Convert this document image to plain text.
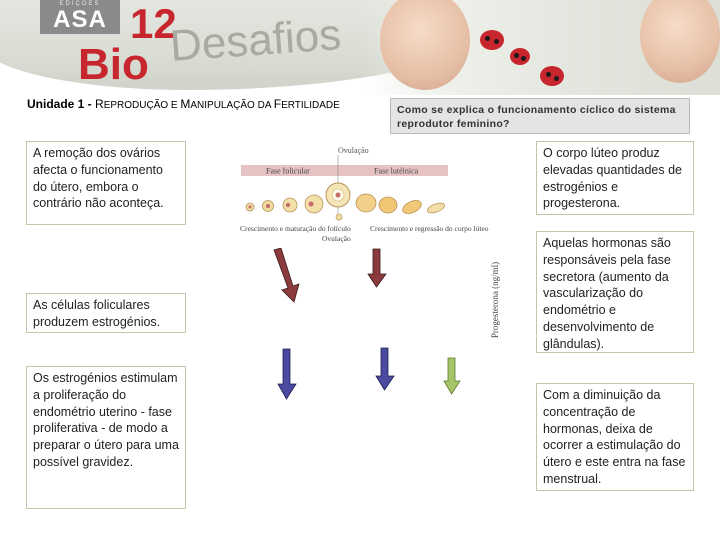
EDIÇÕES
ASA 12
Bio Desafios
Unidade 1 - REPRODUÇÃO E MANIPULAÇÃO DA FERTILIDADE	Como se explica o funcionamento cíclico do sistema reprodutor feminino?
A remoção dos ovários afecta o funcionamento do útero, embora o contrário não aconteça.
As células foliculares produzem estrogénios.
Os estrogénios estimulam a proliferação do endométrio uterino - fase proliferativa - de modo a preparar o útero para uma possível gravidez.
O corpo lúteo produz elevadas quantidades de estrogénios e progesterona.
Aquelas hormonas são responsáveis pela fase secretora (aumento da vascularização do endométrio e desenvolvimento de glândulas).
Com a diminuição da concentração de hormonas, deixa de ocorrer a estimulação do útero e este entra na fase menstrual.
Ovulação
Fase folicular	Fase lutéinica
Crescimento e maturação do folículo
Ovulação
Crescimento e regressão do corpo lúteo
Progesterona (ng/ml)
